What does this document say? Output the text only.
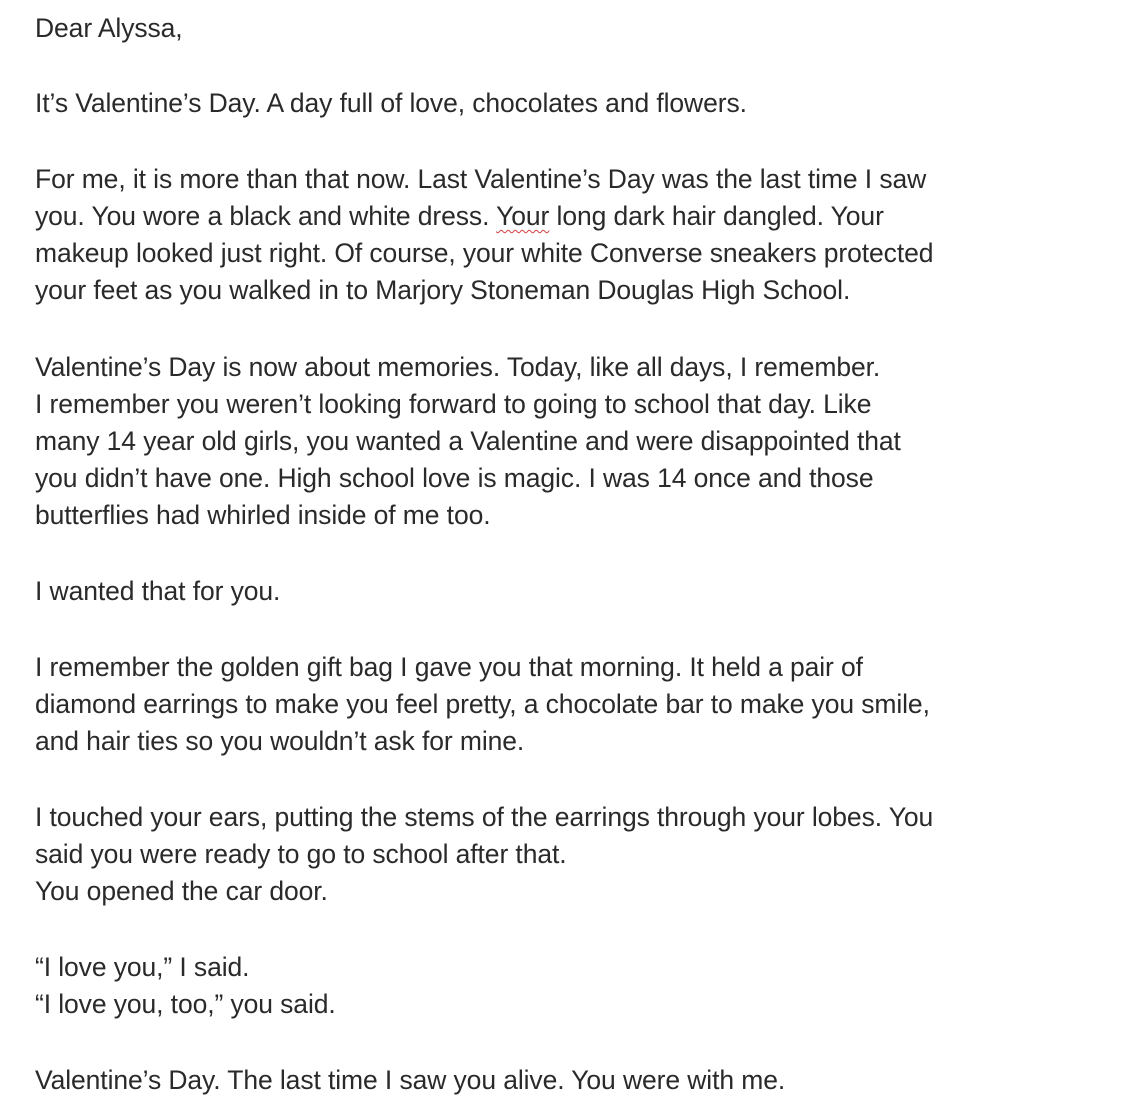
Dear Alyssa,
It’s Valentine’s Day. A day full of love, chocolates and flowers.
For me, it is more than that now. Last Valentine’s Day was the last time I saw
you. You wore a black and white dress. Your long dark hair dangled. Your
makeup looked just right. Of course, your white Converse sneakers protected
your feet as you walked in to Marjory Stoneman Douglas High School.
Valentine’s Day is now about memories. Today, like all days, I remember.
I remember you weren’t looking forward to going to school that day. Like
many 14 year old girls, you wanted a Valentine and were disappointed that
you didn’t have one. High school love is magic. I was 14 once and those
butterflies had whirled inside of me too.
I wanted that for you.
I remember the golden gift bag I gave you that morning. It held a pair of
diamond earrings to make you feel pretty, a chocolate bar to make you smile,
and hair ties so you wouldn’t ask for mine.
I touched your ears, putting the stems of the earrings through your lobes. You
said you were ready to go to school after that.
You opened the car door.
“I love you,” I said.
“I love you, too,” you said.
Valentine’s Day. The last time I saw you alive. You were with me.
